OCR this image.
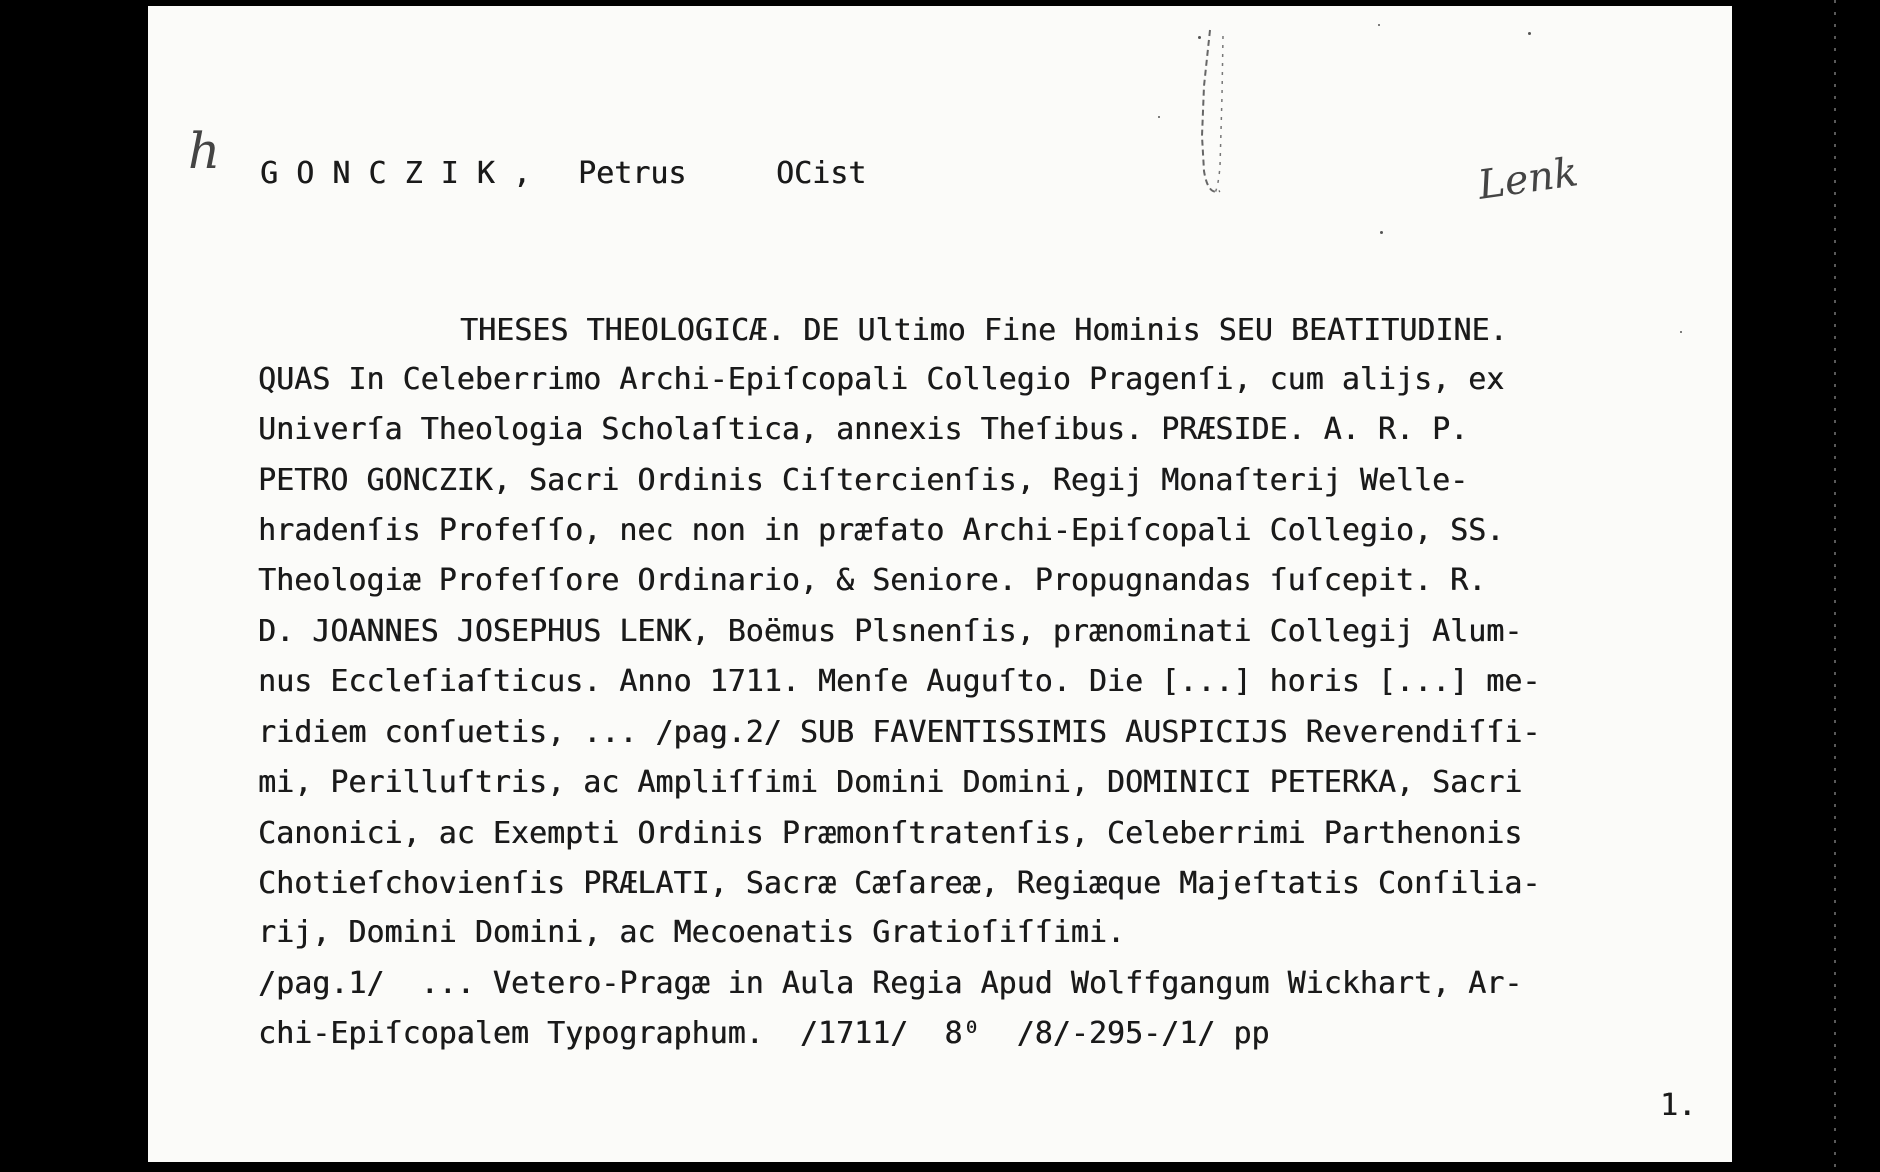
h G O N C Z I K , Petrus	OCist	Lenk
THESES THEOLOGICÆ. DE Ultimo Fine Hominis SEU BEATITUDINE.
QUAS In Celeberrimo Archi-Epiſcopali Collegio Pragenſi, cum alijs, ex
Univerſa Theologia Scholaſtica, annexis Theſibus. PRÆSIDE. A. R. P.
PETRO GONCZIK, Sacri Ordinis Ciſtercienſis, Regij Monaſterij Welle-
hradenſis Profeſſo, nec non in præfato Archi-Epiſcopali Collegio, SS.
Theologiæ Profeſſore Ordinario, & Seniore. Propugnandas ſuſcepit. R.
D. JOANNES JOSEPHUS LENK, Boëmus Plsnenſis, prænominati Collegij Alum-
nus Eccleſiaſticus. Anno 1711. Menſe Auguſto. Die [...] horis [...] me-
ridiem conſuetis, ... /pag.2/ SUB FAVENTISSIMIS AUSPICIJS Reverendiſſi-
mi, Perilluſtris, ac Ampliſſimi Domini Domini, DOMINICI PETERKA, Sacri
Canonici, ac Exempti Ordinis Præmonſtratenſis, Celeberrimi Parthenonis
Chotieſchovienſis PRÆLATI, Sacræ Cæſareæ, Regiæque Majeſtatis Conſilia-
rij, Domini Domini, ac Mecoenatis Gratioſiſſimi.
/pag.1/  ... Vetero-Pragæ in Aula Regia Apud Wolffgangum Wickhart, Ar-
chi-Epiſcopalem Typographum.  /1711/  8⁰  /8/-295-/1/ pp
1.
